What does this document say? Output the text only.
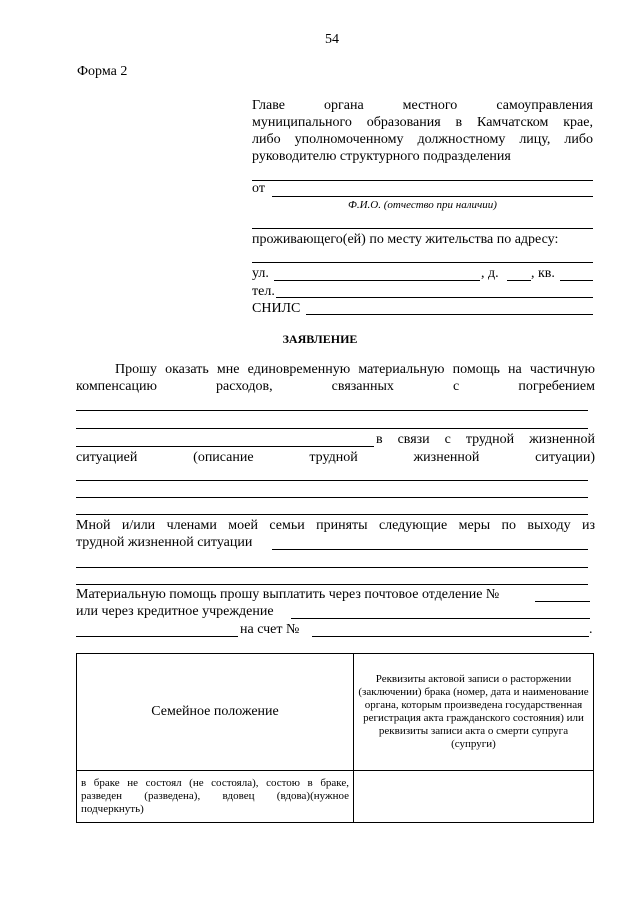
54
Форма 2
Главе органа местного самоуправления
муниципального образования в Камчатском крае,
либо уполномоченному должностному лицу, либо
руководителю структурного подразделения
от
Ф.И.О. (отчество при наличии)
проживающего(ей) по месту жительства по адресу:
ул.	, д. , кв.
тел.
СНИЛС
ЗАЯВЛЕНИЕ
Прошу оказать мне единовременную материальную помощь на частичную
компенсацию расходов, связанных с погребением
в связи с трудной жизненной
ситуацией (описание трудной жизненной ситуации)
Мной и/или членами моей семьи приняты следующие меры по выходу из
трудной жизненной ситуации
Материальную помощь прошу выплатить через почтовое отделение №
или через кредитное учреждение
на счет №	.
Семейное положение	Реквизиты актовой записи о расторжении (заключении) брака (номер, дата и наименование органа, которым произведена государственная регистрация акта гражданского состояния) или реквизиты записи акта о смерти супруга (супруги)
в браке не состоял (не состояла), состою в браке, разведен (разведена), вдовец (вдова)(нужное подчеркнуть)	
